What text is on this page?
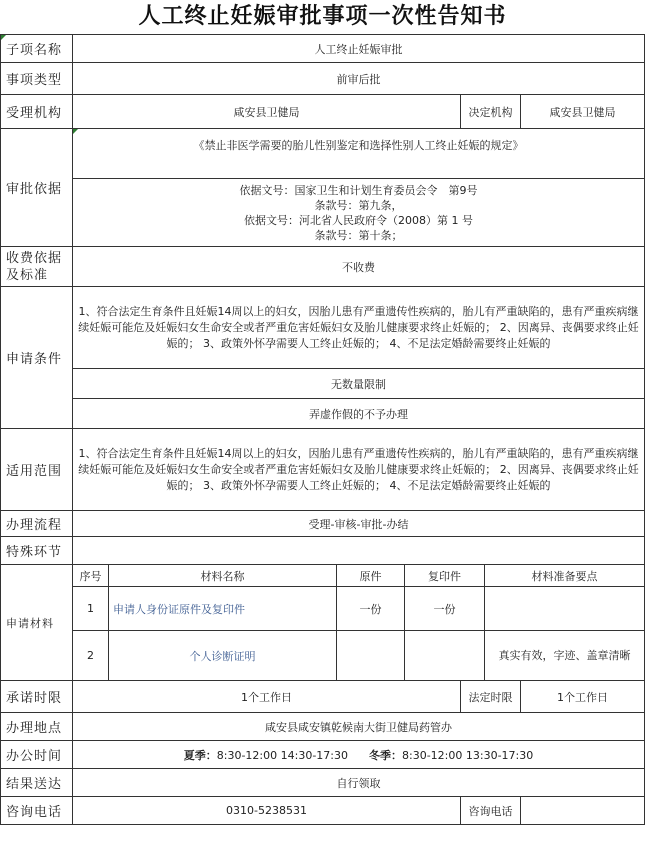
人工终止妊娠审批事项一次性告知书
子项名称	人工终止妊娠审批						
事项类型	前审后批						
受理机构	咸安县卫健局				决定机构		咸安县卫健局
审批依据	《禁止非医学需要的胎儿性别鉴定和选择性别人工终止妊娠的规定》						

	依据文号：国家卫生和计划生育委员会令　第9号
条款号：第九条，
依据文号：河北省人民政府令（2008）第 1 号
条款号：第十条；						

收费依据及标准	不收费						
申请条件	1、符合法定生育条件且妊娠14周以上的妇女，因胎儿患有严重遗传性疾病的，胎儿有严重缺陷的，患有严重疾病继续妊娠可能危及妊娠妇女生命安全或者严重危害妊娠妇女及胎儿健康要求终止妊娠的； 2、因离异、丧偶要求终止妊娠的； 3、政策外怀孕需要人工终止妊娠的； 4、不足法定婚龄需要终止妊娠的						
	无数量限制						
	弄虚作假的不予办理						
适用范围	1、符合法定生育条件且妊娠14周以上的妇女，因胎儿患有严重遗传性疾病的，胎儿有严重缺陷的，患有严重疾病继续妊娠可能危及妊娠妇女生命安全或者严重危害妊娠妇女及胎儿健康要求终止妊娠的； 2、因离异、丧偶要求终止妊娠的； 3、政策外怀孕需要人工终止妊娠的； 4、不足法定婚龄需要终止妊娠的						
办理流程	受理-审核-审批-办结						
特殊环节							
申请材料	序号	材料名称	原件	复印件		材料准备要点	
	1	申请人身份证原件及复印件	一份	一份			
	2	个人诊断证明				真实有效，字迹、盖章清晰	
承诺时限	1个工作日				法定时限		1个工作日
办理地点	咸安县咸安镇乾候南大街卫健局药管办						
办公时间	夏季：8:30-12:00 14:30-17:30 冬季：8:30-12:00 13:30-17:30						
结果送达	自行领取						
咨询电话	0310-5238531				咨询电话		
